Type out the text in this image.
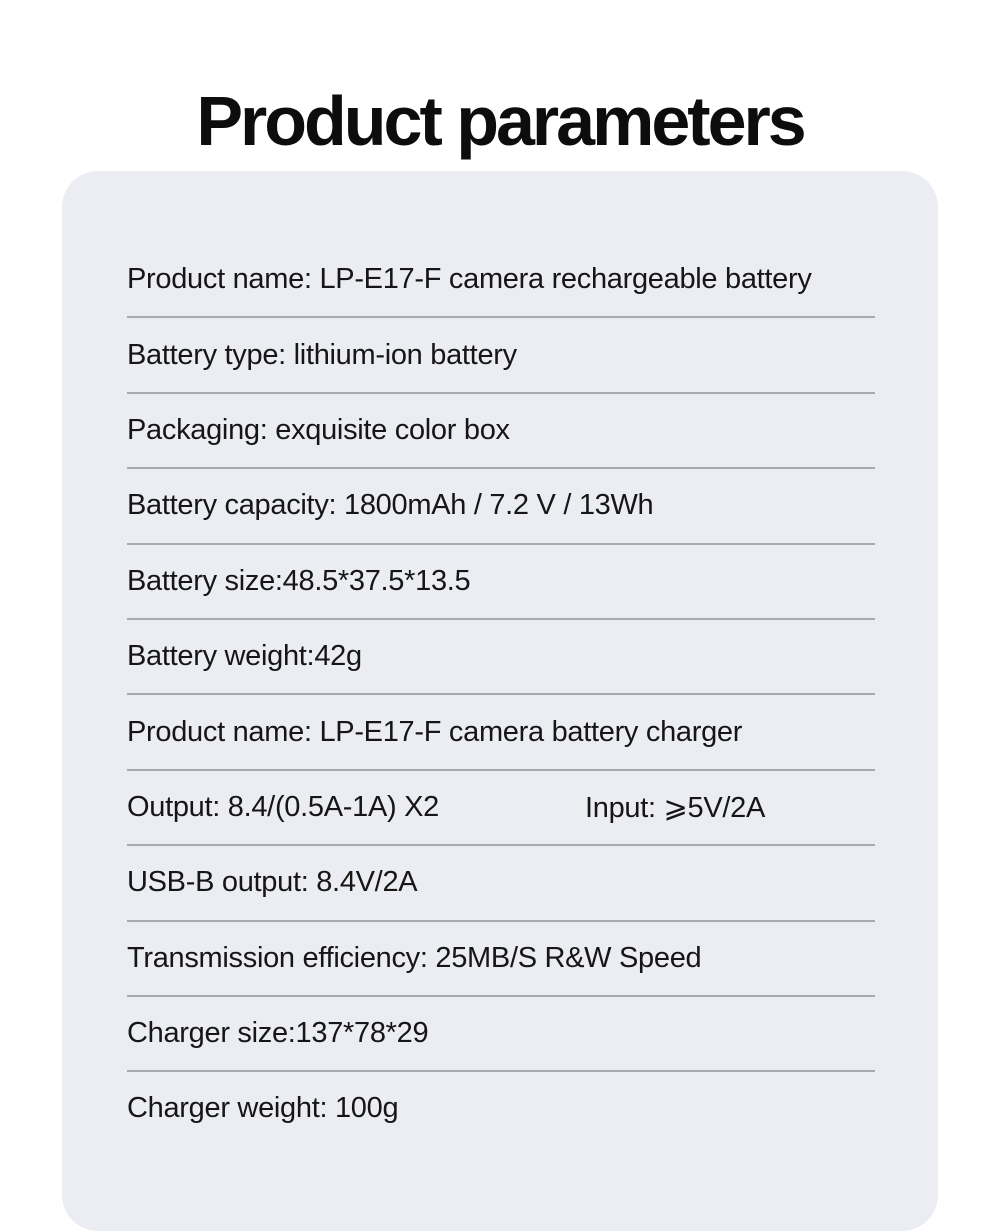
Product parameters
Product name: LP-E17-F camera rechargeable battery
Battery type: lithium-ion battery
Packaging: exquisite color box
Battery capacity: 1800mAh / 7.2 V / 13Wh
Battery size:48.5*37.5*13.5
Battery weight:42g
Product name: LP-E17-F camera battery charger
Output: 8.4/(0.5A-1A) X2	Input: ⩾5V/2A
USB-B output: 8.4V/2A
Transmission efficiency: 25MB/S R&W Speed
Charger size:137*78*29
Charger weight: 100g
